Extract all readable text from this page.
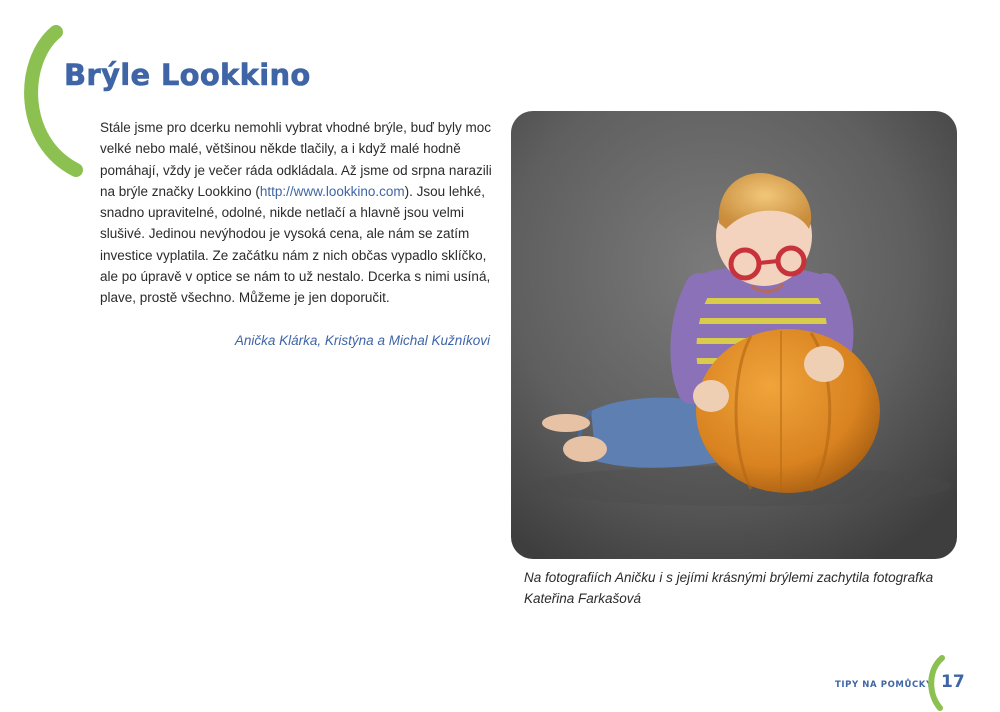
Brýle Lookkino

Stále jsme pro dcerku nemohli vybrat vhodné brýle, buď byly moc velké nebo malé, většinou někde tlačily, a i když malé hodně pomáhají, vždy je večer ráda odkládala. Až jsme od srpna narazili na brýle značky Lookkino (http://www.lookkino.com). Jsou lehké, snadno upravitelné, odolné, nikde netlačí a hlavně jsou velmi slušivé. Jedinou nevýhodou je vysoká cena, ale nám se zatím investice vyplatila. Ze začátku nám z nich občas vypadlo sklíčko, ale po úpravě v optice se nám to už nestalo. Dcerka s nimi usíná, plave, prostě všechno. Můžeme je jen doporučit.

Anička Klárka, Kristýna a Michal Kužníkovi

Na fotografiích Aničku i s jejími krásnými brýlemi zachytila fotografka Kateřina Farkašová

TIPY NA POMŮCKY 17
